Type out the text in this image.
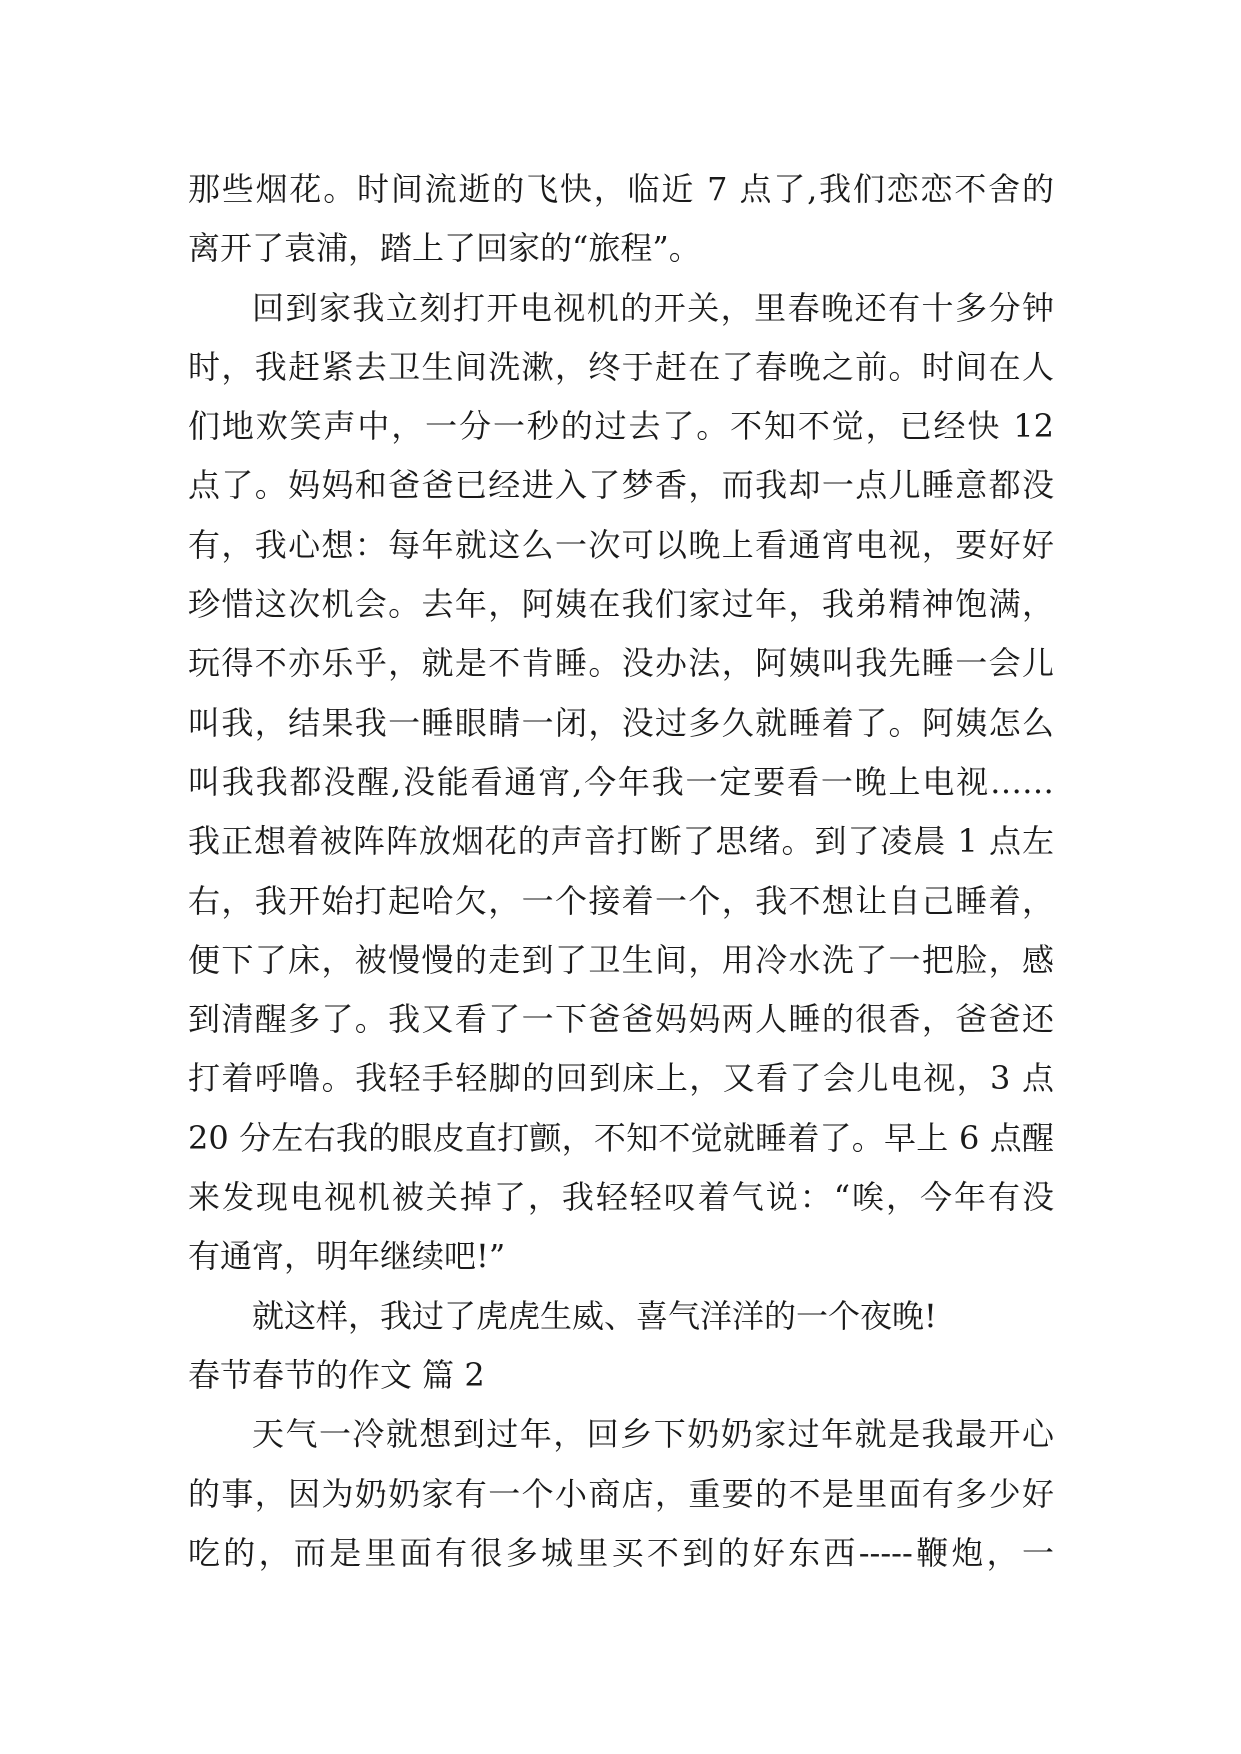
那些烟花。时间流逝的飞快，临近 7 点了,我们恋恋不舍的
离开了袁浦，踏上了回家的“旅程”。
回到家我立刻打开电视机的开关，里春晚还有十多分钟
时，我赶紧去卫生间洗漱，终于赶在了春晚之前。时间在人
们地欢笑声中，一分一秒的过去了。不知不觉，已经快 12
点了。妈妈和爸爸已经进入了梦香，而我却一点儿睡意都没
有，我心想：每年就这么一次可以晚上看通宵电视，要好好
珍惜这次机会。去年，阿姨在我们家过年，我弟精神饱满，
玩得不亦乐乎，就是不肯睡。没办法，阿姨叫我先睡一会儿
叫我，结果我一睡眼睛一闭，没过多久就睡着了。阿姨怎么
叫我我都没醒,没能看通宵,今年我一定要看一晚上电视……
我正想着被阵阵放烟花的声音打断了思绪。到了凌晨 1 点左
右，我开始打起哈欠，一个接着一个，我不想让自己睡着，
便下了床，被慢慢的走到了卫生间，用冷水洗了一把脸，感
到清醒多了。我又看了一下爸爸妈妈两人睡的很香，爸爸还
打着呼噜。我轻手轻脚的回到床上，又看了会儿电视，3 点
20 分左右我的眼皮直打颤，不知不觉就睡着了。早上 6 点醒
来发现电视机被关掉了，我轻轻叹着气说：“唉，今年有没
有通宵，明年继续吧!”
就这样，我过了虎虎生威、喜气洋洋的一个夜晚!
春节春节的作文 篇 2
天气一冷就想到过年，回乡下奶奶家过年就是我最开心
的事，因为奶奶家有一个小商店，重要的不是里面有多少好
吃的，而是里面有很多城里买不到的好东西-----鞭炮，一
